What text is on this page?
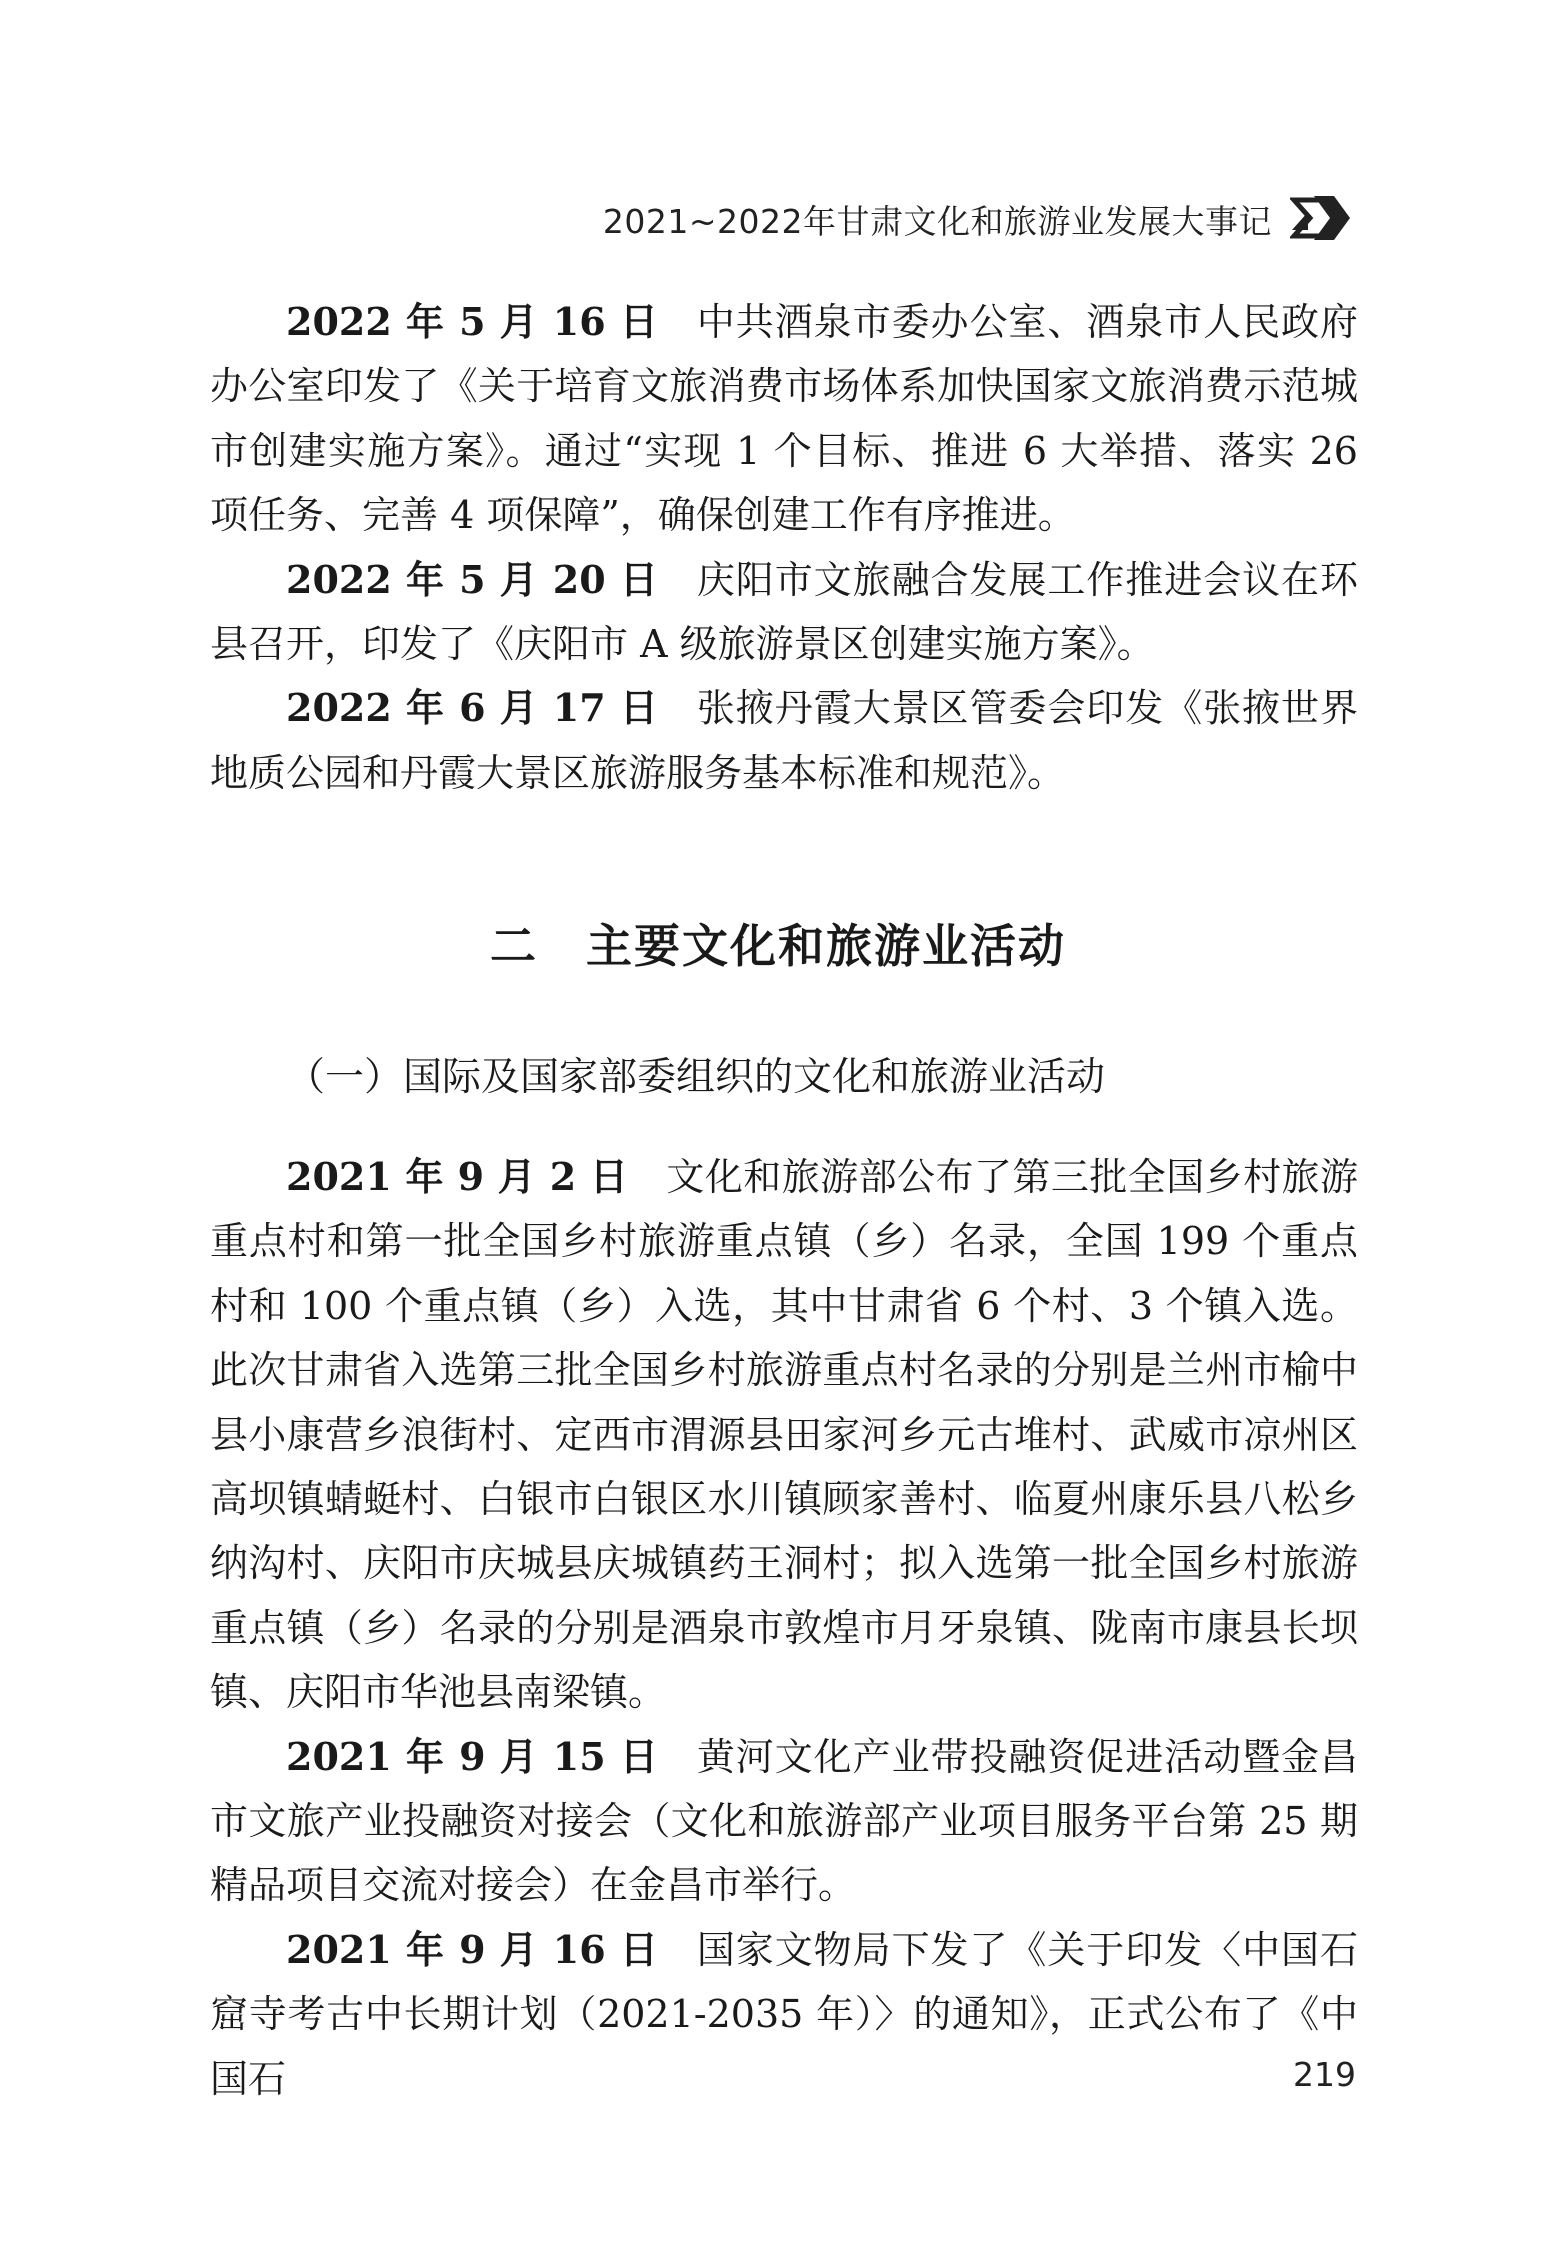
2021~2022年甘肃文化和旅游业发展大事记

2022 年 5 月 16 日 中共酒泉市委办公室、酒泉市人民政府办公室印发了《关于培育文旅消费市场体系加快国家文旅消费示范城市创建实施方案》。通过“实现 1 个目标、推进 6 大举措、落实 26 项任务、完善 4 项保障”，确保创建工作有序推进。

2022 年 5 月 20 日 庆阳市文旅融合发展工作推进会议在环县召开，印发了《庆阳市 A 级旅游景区创建实施方案》。

2022 年 6 月 17 日 张掖丹霞大景区管委会印发《张掖世界地质公园和丹霞大景区旅游服务基本标准和规范》。

二 主要文化和旅游业活动
（一）国际及国家部委组织的文化和旅游业活动

2021 年 9 月 2 日 文化和旅游部公布了第三批全国乡村旅游重点村和第一批全国乡村旅游重点镇（乡）名录，全国 199 个重点村和 100 个重点镇（乡）入选，其中甘肃省 6 个村、3 个镇入选。此次甘肃省入选第三批全国乡村旅游重点村名录的分别是兰州市榆中县小康营乡浪街村、定西市渭源县田家河乡元古堆村、武威市凉州区高坝镇蜻蜓村、白银市白银区水川镇顾家善村、临夏州康乐县八松乡纳沟村、庆阳市庆城县庆城镇药王洞村；拟入选第一批全国乡村旅游重点镇（乡）名录的分别是酒泉市敦煌市月牙泉镇、陇南市康县长坝镇、庆阳市华池县南梁镇。

2021 年 9 月 15 日 黄河文化产业带投融资促进活动暨金昌市文旅产业投融资对接会（文化和旅游部产业项目服务平台第 25 期精品项目交流对接会）在金昌市举行。

2021 年 9 月 16 日 国家文物局下发了《关于印发〈中国石窟寺考古中长期计划（2021-2035 年）〉的通知》，正式公布了《中国石	219
